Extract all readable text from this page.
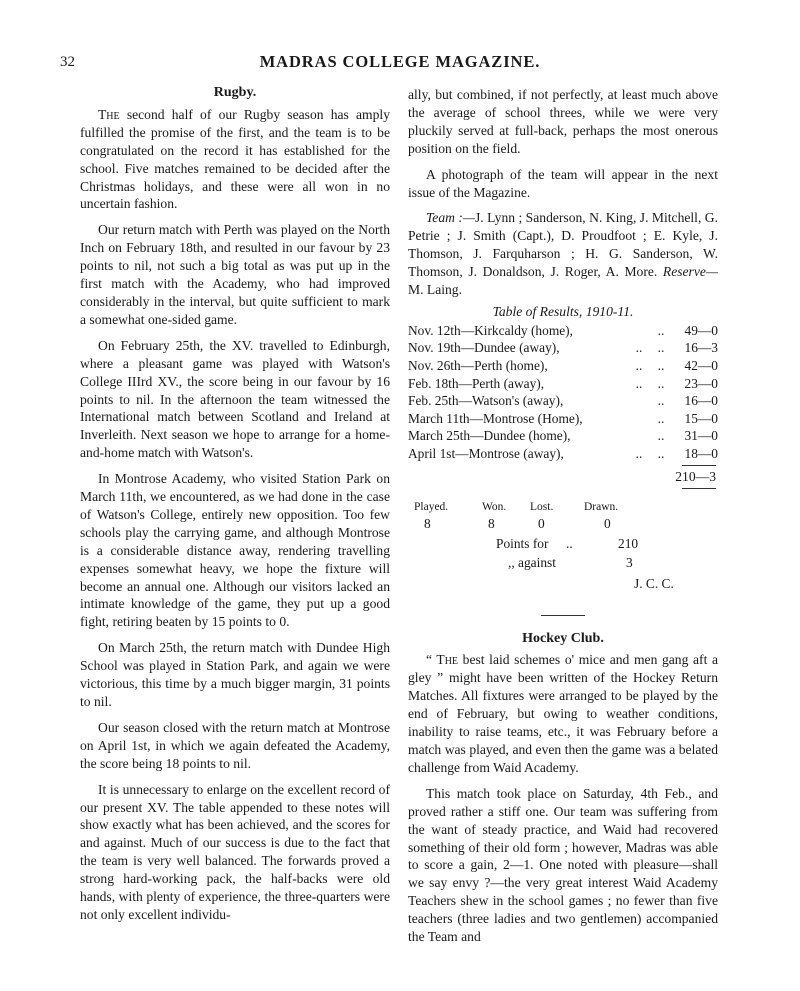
32	MADRAS COLLEGE MAGAZINE.
Rugby.

The second half of our Rugby season has amply fulfilled the promise of the first, and the team is to be congratulated on the record it has established for the school. Five matches remained to be decided after the Christmas holidays, and these were all won in no uncertain fashion.

Our return match with Perth was played on the North Inch on February 18th, and resulted in our favour by 23 points to nil, not such a big total as was put up in the first match with the Academy, who had improved considerably in the interval, but quite sufficient to mark a somewhat one-sided game.

On February 25th, the XV. travelled to Edinburgh, where a pleasant game was played with Watson's College IIIrd XV., the score being in our favour by 16 points to nil. In the afternoon the team witnessed the International match between Scotland and Ireland at Inverleith. Next season we hope to arrange for a home-and-home match with Watson's.

In Montrose Academy, who visited Station Park on March 11th, we encountered, as we had done in the case of Watson's College, entirely new opposition. Too few schools play the carrying game, and although Montrose is a considerable distance away, rendering travelling expenses somewhat heavy, we hope the fixture will become an annual one. Although our visitors lacked an intimate knowledge of the game, they put up a good fight, retiring beaten by 15 points to 0.

On March 25th, the return match with Dundee High School was played in Station Park, and again we were victorious, this time by a much bigger margin, 31 points to nil.

Our season closed with the return match at Montrose on April 1st, in which we again defeated the Academy, the score being 18 points to nil.

It is unnecessary to enlarge on the excellent record of our present XV. The table appended to these notes will show exactly what has been achieved, and the scores for and against. Much of our success is due to the fact that the team is very well balanced. The forwards proved a strong hard-working pack, the half-backs were old hands, with plenty of experience, the three-quarters were not only excellent individu-

ally, but combined, if not perfectly, at least much above the average of school threes, while we were very pluckily served at full-back, perhaps the most onerous position on the field.

A photograph of the team will appear in the next issue of the Magazine.

Team :—J. Lynn ; Sanderson, N. King, J. Mitchell, G. Petrie ; J. Smith (Capt.), D. Proudfoot ; E. Kyle, J. Thomson, J. Farquharson ; H. G. Sanderson, W. Thomson, J. Donaldson, J. Roger, A. More. Reserve—M. Laing.
Table of Results, 1910-11.
Nov. 12th—Kirkcaldy (home),		..	49—0
Nov. 19th—Dundee (away),	..	..	16—3
Nov. 26th—Perth (home),	..	..	42—0
Feb. 18th—Perth (away),	..	..	23—0
Feb. 25th—Watson's (away),		..	16—0
March 11th—Montrose (Home),		..	15—0
March 25th—Dundee (home),		..	31—0
April 1st—Montrose (away),	..	..	18—0
210—3
Played.	Won. Lost.	Drawn.
8	8	0	0
Points for ..	210
,, against	3
J. C. C.
Hockey Club.

“ The best laid schemes o' mice and men gang aft a gley ” might have been written of the Hockey Return Matches. All fixtures were arranged to be played by the end of February, but owing to weather conditions, inability to raise teams, etc., it was February before a match was played, and even then the game was a belated challenge from Waid Academy.

This match took place on Saturday, 4th Feb., and proved rather a stiff one. Our team was suffering from the want of steady practice, and Waid had recovered something of their old form ; however, Madras was able to score a gain, 2—1. One noted with pleasure—shall we say envy ?—the very great interest Waid Academy Teachers shew in the school games ; no fewer than five teachers (three ladies and two gentlemen) accompanied the Team and
